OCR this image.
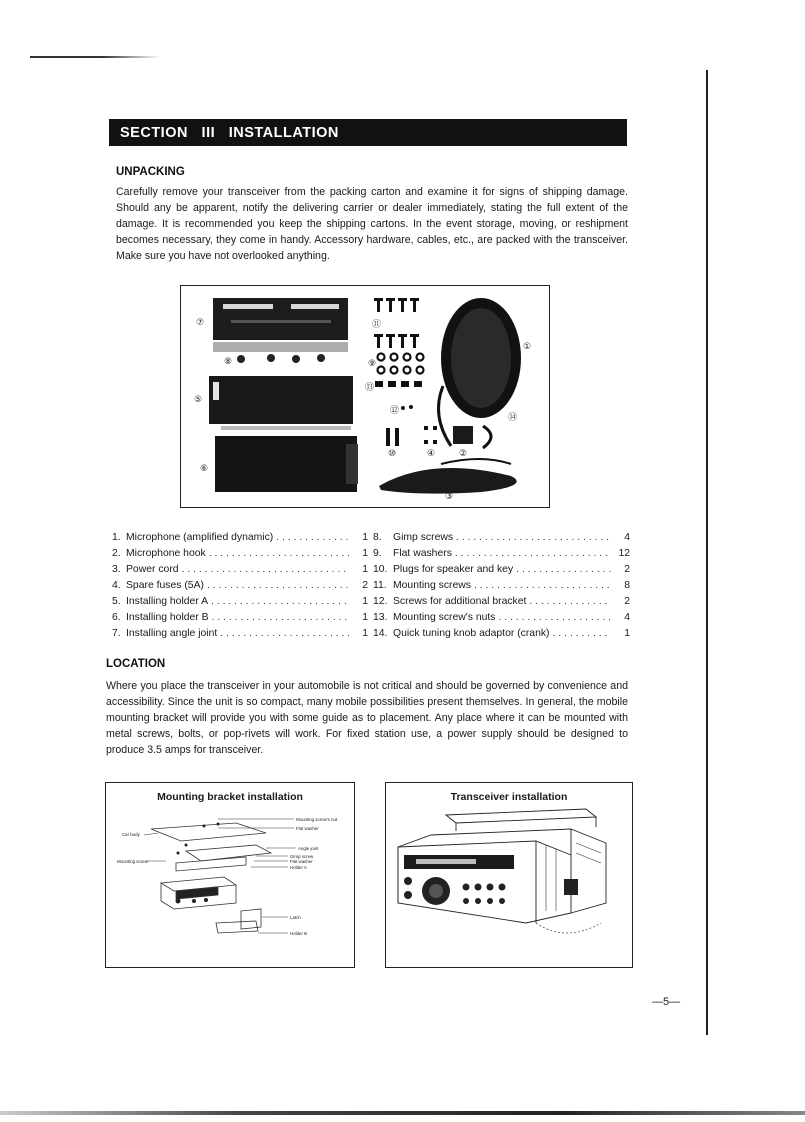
SECTION   III   INSTALLATION
UNPACKING
Carefully remove your transceiver from the packing carton and examine it for signs of shipping damage. Should any be apparent, notify the delivering carrier or dealer immediately, stating the full extent of the damage. It is recommended you keep the shipping cartons. In the event storage, moving, or reshipment becomes necessary, they come in handy. Accessory hardware, cables, etc., are packed with the transceiver. Make sure you have not overlooked anything.
⑦	⑪
⑧	⑨
⑬
①
⑤
⑫
⑭
⑥
⑩	④	②
③
1. Microphone (amplified dynamic) . . .	1
2. Microphone hook . . .	1
3. Power cord . . .	1
4. Spare fuses (5A) . . .	2
5. Installing holder A . . .	1
6. Installing holder B . . .	1
7. Installing angle joint . . .	1
8.	Gimp screws . . .	4
9.	Flat washers . . .	12
10. Plugs for speaker and key . . .	2
11. Mounting screws . . .	8
12. Screws for additional bracket . . .	2
13. Mounting screw's nuts . . .	4
14. Quick tuning knob adaptor (crank) . . .	1
LOCATION
Where you place the transceiver in your automobile is not critical and should be governed by convenience and accessibility. Since the unit is so compact, many mobile possibilities present themselves. In general, the mobile mounting bracket will provide you with some guide as to placement. Any place where it can be mounted with metal screws, bolts, or pop-rivets will work. For fixed station use, a power supply should be designed to produce 3.5 amps for transceiver.
Mounting bracket installation
Mounting screw's nut
Flat washer
Car body
Angle joint
Mounting screw
Gimp screw
Flat washer
Holder A
Latch
Holder B
Transceiver installation
—5—
